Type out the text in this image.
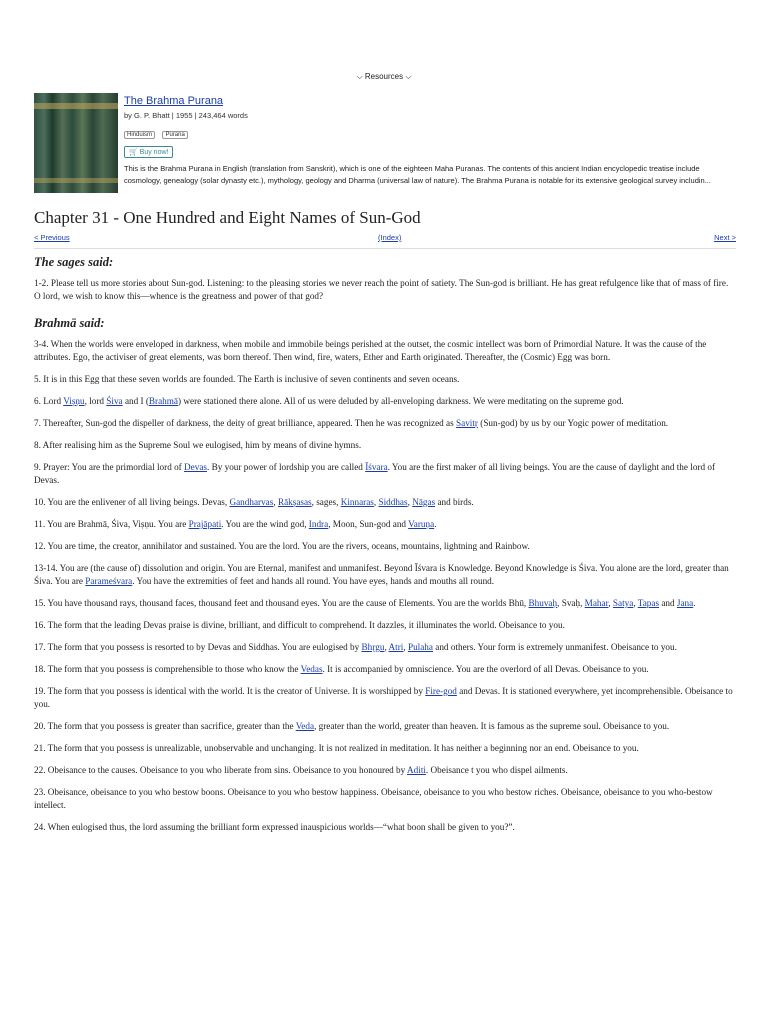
⌵ Resources ⌵
The Brahma Purana
by G. P. Bhatt | 1955 | 243,464 words
Hinduism Purana
🛒 Buy now!
This is the Brahma Purana in English (translation from Sanskrit), which is one of the eighteen Maha Puranas. The contents of this ancient Indian encyclopedic treatise include cosmology, genealogy (solar dynasty etc.), mythology, geology and Dharma (universal law of nature). The Brahma Purana is notable for its extensive geological survey includin...
Chapter 31 - One Hundred and Eight Names of Sun-God
< Previous	(Index)	Next >
The sages said:

1-2. Please tell us more stories about Sun-god. Listening: to the pleasing stories we never reach the point of satiety. The Sun-god is brilliant. He has great refulgence like that of mass of fire. O lord, we wish to know this—whence is the greatness and power of that god?

Brahmā said:

3-4. When the worlds were enveloped in darkness, when mobile and immobile beings perished at the outset, the cosmic intellect was born of Primordial Nature. It was the cause of the attributes. Ego, the activiser of great elements, was born thereof. Then wind, fire, waters, Ether and Earth originated. Thereafter, the (Cosmic) Egg was born.

5. It is in this Egg that these seven worlds are founded. The Earth is inclusive of seven continents and seven oceans.

6. Lord Viṣṇu, lord Śiva and I (Brahmā) were stationed there alone. All of us were deluded by all-enveloping darkness. We were meditating on the supreme god.

7. Thereafter, Sun-god the dispeller of darkness, the deity of great brilliance, appeared. Then he was recognized as Savitṛ (Sun-god) by us by our Yogic power of meditation.

8. After realising him as the Supreme Soul we eulogised, him by means of divine hymns.

9. Prayer: You are the primordial lord of Devas. By your power of lordship you are called Īśvara. You are the first maker of all living beings. You are the cause of daylight and the lord of Devas.

10. You are the enlivener of all living beings. Devas, Gandharvas, Rākṣasas, sages, Kinnaras, Siddhas, Nāgas and birds.

11. You are Brahmā, Śiva, Viṣṇu. You are Prajāpati. You are the wind god, Indra, Moon, Sun-god and Varuṇa.

12. You are time, the creator, annihilator and sustained. You are the lord. You are the rivers, oceans, mountains, lightning and Rainbow.

13-14. You are (the cause of) dissolution and origin. You are Eternal, manifest and unmanifest. Beyond Īśvara is Knowledge. Beyond Knowledge is Śiva. You alone are the lord, greater than Śiva. You are Parameśvara. You have the extremities of feet and hands all round. You have eyes, hands and mouths all round.

15. You have thousand rays, thousand faces, thousand feet and thousand eyes. You are the cause of Elements. You are the worlds Bhū, Bhuvaḥ, Svaḥ, Mahar, Satya, Tapas and Jana.

16. The form that the leading Devas praise is divine, brilliant, and difficult to comprehend. It dazzles, it illuminates the world. Obeisance to you.

17. The form that you possess is resorted to by Devas and Siddhas. You are eulogised by Bhṛgu, Atri, Pulaha and others. Your form is extremely unmanifest. Obeisance to you.

18. The form that you possess is comprehensible to those who know the Vedas. It is accompanied by omniscience. You are the overlord of all Devas. Obeisance to you.

19. The form that you possess is identical with the world. It is the creator of Universe. It is worshipped by Fire-god and Devas. It is stationed everywhere, yet incomprehensible. Obeisance to you.

20. The form that you possess is greater than sacrifice, greater than the Veda, greater than the world, greater than heaven. It is famous as the supreme soul. Obeisance to you.

21. The form that you possess is unrealizable, unobservable and unchanging. It is not realized in meditation. It has neither a beginning nor an end. Obeisance to you.

22. Obeisance to the causes. Obeisance to you who liberate from sins. Obeisance to you honoured by Aditi. Obeisance t you who dispel ailments.

23. Obeisance, obeisance to you who bestow boons. Obeisance to you who bestow happiness. Obeisance, obeisance to you who bestow riches. Obeisance, obeisance to you who-bestow intellect.

24. When eulogised thus, the lord assuming the brilliant form expressed inauspicious worlds—“what boon shall be given to you?”.
